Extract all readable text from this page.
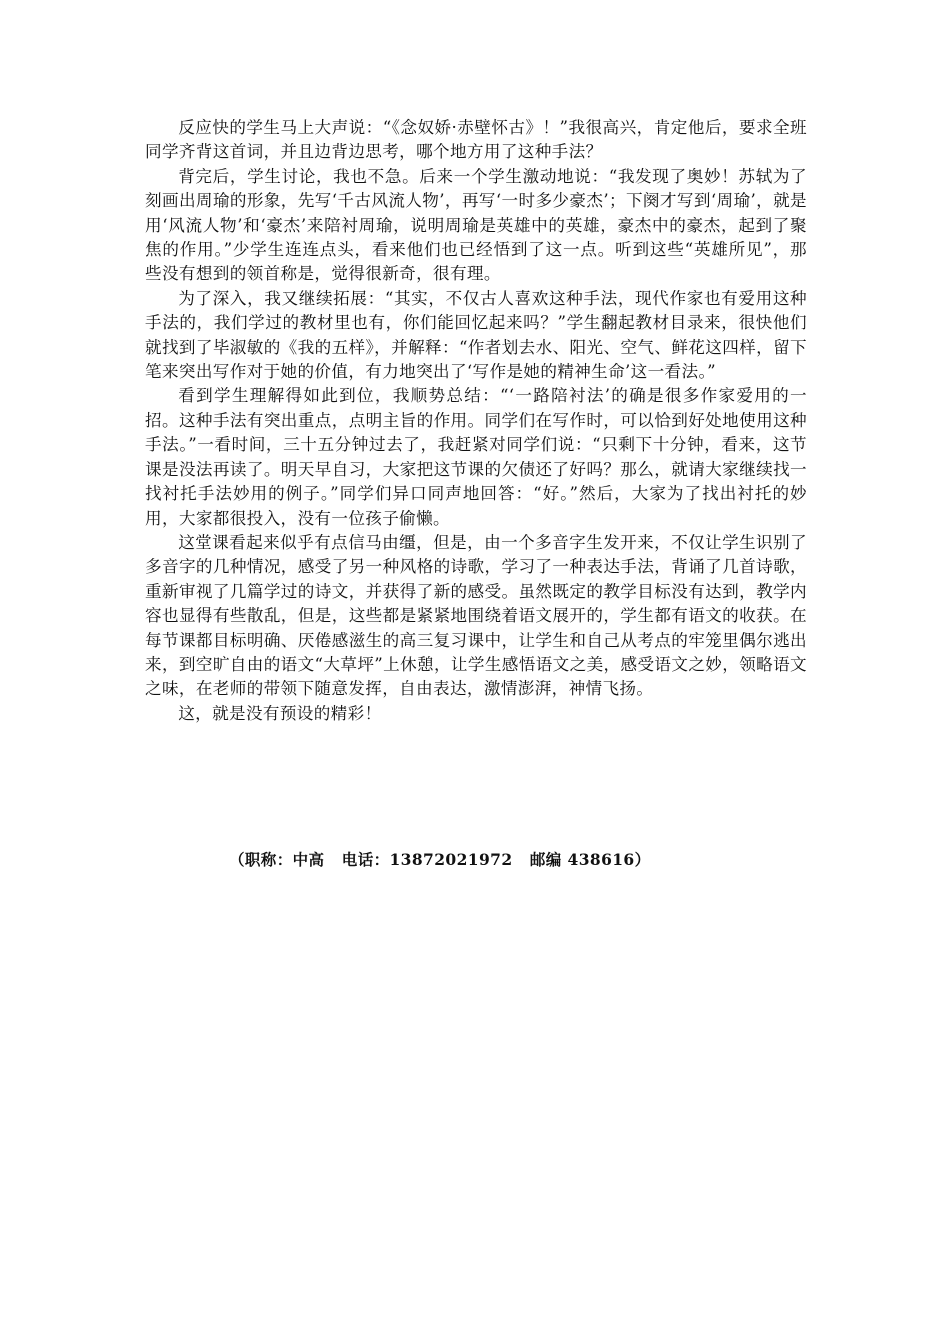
反应快的学生马上大声说：“《念奴娇·赤壁怀古》！”我很高兴，肯定他后，要求全班同学齐背这首词，并且边背边思考，哪个地方用了这种手法？

背完后，学生讨论，我也不急。后来一个学生激动地说：“我发现了奥妙！苏轼为了刻画出周瑜的形象，先写‘千古风流人物’，再写‘一时多少豪杰’；下阕才写到‘周瑜’，就是用‘风流人物’和‘豪杰’来陪衬周瑜，说明周瑜是英雄中的英雄，豪杰中的豪杰，起到了聚焦的作用。”少学生连连点头，看来他们也已经悟到了这一点。听到这些“英雄所见”，那些没有想到的领首称是，觉得很新奇，很有理。

为了深入，我又继续拓展：“其实，不仅古人喜欢这种手法，现代作家也有爱用这种手法的，我们学过的教材里也有，你们能回忆起来吗？”学生翻起教材目录来，很快他们就找到了毕淑敏的《我的五样》，并解释：“作者划去水、阳光、空气、鲜花这四样，留下笔来突出写作对于她的价值，有力地突出了‘写作是她的精神生命’这一看法。”

看到学生理解得如此到位，我顺势总结：“‘一路陪衬法’的确是很多作家爱用的一招。这种手法有突出重点，点明主旨的作用。同学们在写作时，可以恰到好处地使用这种手法。”一看时间，三十五分钟过去了，我赶紧对同学们说：“只剩下十分钟，看来，这节课是没法再读了。明天早自习，大家把这节课的欠债还了好吗？那么，就请大家继续找一找衬托手法妙用的例子。”同学们异口同声地回答：“好。”然后，大家为了找出衬托的妙用，大家都很投入，没有一位孩子偷懒。

这堂课看起来似乎有点信马由缰，但是，由一个多音字生发开来，不仅让学生识别了多音字的几种情况，感受了另一种风格的诗歌，学习了一种表达手法，背诵了几首诗歌，重新审视了几篇学过的诗文，并获得了新的感受。虽然既定的教学目标没有达到，教学内容也显得有些散乱，但是，这些都是紧紧地围绕着语文展开的，学生都有语文的收获。在每节课都目标明确、厌倦感滋生的高三复习课中，让学生和自己从考点的牢笼里偶尔逃出来，到空旷自由的语文“大草坪”上休憩，让学生感悟语文之美，感受语文之妙，领略语文之味，在老师的带领下随意发挥，自由表达，激情澎湃，神情飞扬。

这，就是没有预设的精彩！

（职称：中高   电话：13872021972   邮编 438616）
